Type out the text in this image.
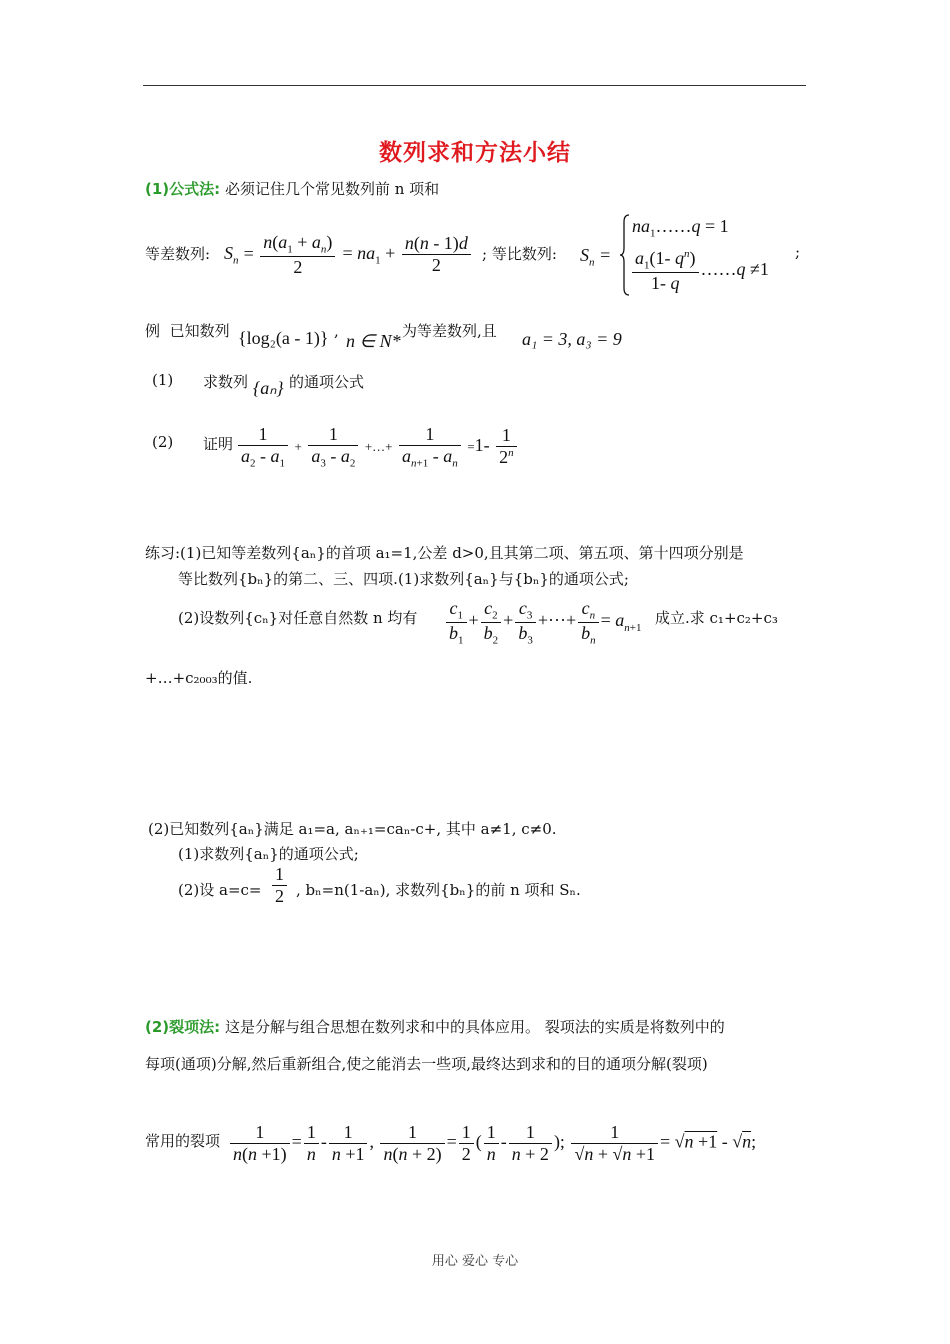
数列求和方法小结
(1)公式法: 必须记住几个常见数列前 n 项和
等差数列: $S_n = \frac{n(a_1 + a_n)}{2} = na_1 + \frac{n(n - 1)d}{2}$ ; 等比数列: $S_n$ =
$na_1\dots\dots q = 1$
$\frac{a_1(1- q^n)}{1- q}$ ……q ≠1
;
例 已知数列 {log₂(a - 1)} , n ∈ N* 为等差数列,且 a₁ = 3, a₃ = 9
(1) 求数列 {aₙ} 的通项公式
(2) 证明 $\frac{1}{a_2 - a_1} + \frac{1}{a_3 - a_2}$ +…+ $\frac{1}{a_{n+1} - a_n} =1- \frac{1}{2^n}$
练习:(1)已知等差数列{aₙ}的首项 a₁=1,公差 d>0,且其第二项、第五项、第十四项分别是
等比数列{bₙ}的第二、三、四项.(1)求数列{aₙ}与{bₙ}的通项公式;
(2)设数列{cₙ}对任意自然数 n 均有 $\frac{c_1}{b_1} + \frac{c_2}{b_2} + \frac{c_3}{b_3}$ +···+ $\frac{c_n}{b_n} = a_{n+1}$
成立.求 c₁+c₂+c₃
+…+c₂₀₀₃的值.
(2)已知数列{aₙ}满足 a₁=a, aₙ₊₁=caₙ-c+, 其中 a≠1, c≠0.
(1)求数列{aₙ}的通项公式;
(2)设 $a=c= \frac{1}{2}$ , bₙ=n(1-aₙ), 求数列{bₙ}的前 n 项和 Sₙ.
(2)裂项法: 这是分解与组合思想在数列求和中的具体应用。 裂项法的实质是将数列中的
每项(通项)分解,然后重新组合,使之能消去一些项,最终达到求和的目的通项分解(裂项)
常用的裂项 $\frac{1}{n(n +1)} = \frac{1}{n} - \frac{1}{n +1}$ , $\frac{1}{n(n + 2)} = \frac{1}{2}$ ( $\frac{1}{n} - \frac{1}{n + 2}$ ); $\frac{1}{√n + √n +1} = √n +1 - √n$;
用心 爱心 专心
